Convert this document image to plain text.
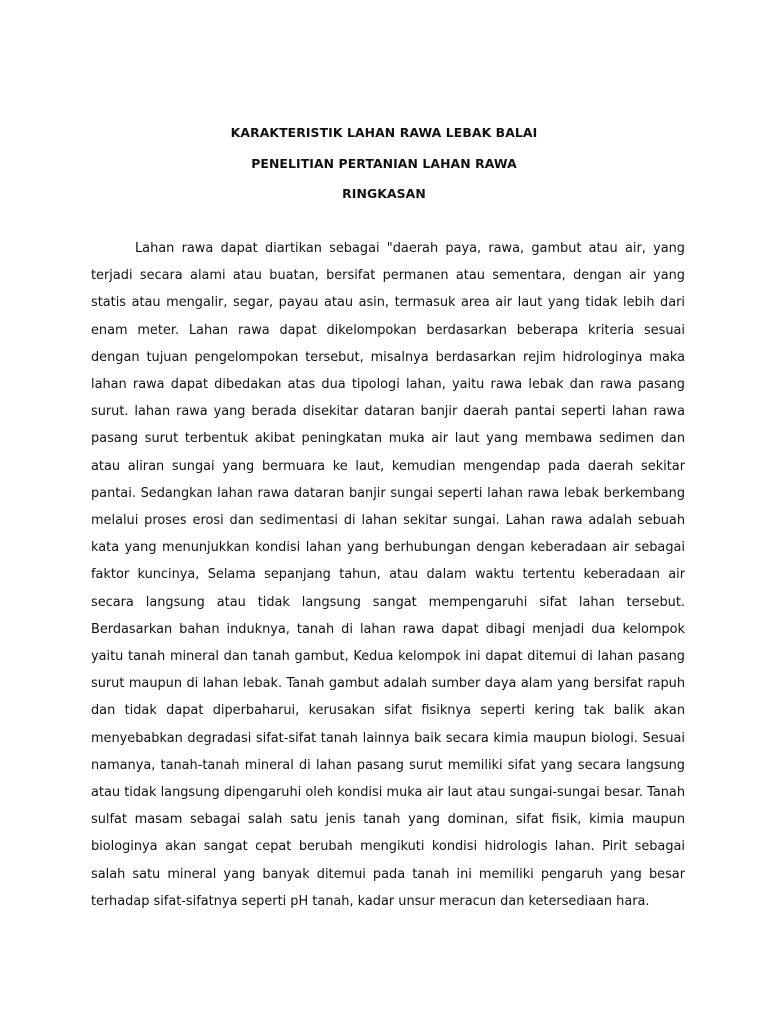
KARAKTERISTIK LAHAN RAWA LEBAK BALAI
PENELITIAN PERTANIAN LAHAN RAWA
RINGKASAN

Lahan rawa dapat diartikan sebagai "daerah paya, rawa, gambut atau air, yang terjadi secara alami atau buatan, bersifat permanen atau sementara, dengan air yang statis atau mengalir, segar, payau atau asin, termasuk area air laut yang tidak lebih dari enam meter. Lahan rawa dapat dikelompokan berdasarkan beberapa kriteria sesuai dengan tujuan pengelompokan tersebut, misalnya berdasarkan rejim hidrologinya maka lahan rawa dapat dibedakan atas dua tipologi lahan, yaitu rawa lebak dan rawa pasang surut. lahan rawa yang berada disekitar dataran banjir daerah pantai seperti lahan rawa pasang surut terbentuk akibat peningkatan muka air laut yang membawa sedimen dan atau aliran sungai yang bermuara ke laut, kemudian mengendap pada daerah sekitar pantai. Sedangkan lahan rawa dataran banjir sungai seperti lahan rawa lebak berkembang melalui proses erosi dan sedimentasi di lahan sekitar sungai. Lahan rawa adalah sebuah kata yang menunjukkan kondisi lahan yang berhubungan dengan keberadaan air sebagai faktor kuncinya, Selama sepanjang tahun, atau dalam waktu tertentu keberadaan air secara langsung atau tidak langsung sangat mempengaruhi sifat lahan tersebut. Berdasarkan bahan induknya, tanah di lahan rawa dapat dibagi menjadi dua kelompok yaitu tanah mineral dan tanah gambut, Kedua kelompok ini dapat ditemui di lahan pasang surut maupun di lahan lebak. Tanah gambut adalah sumber daya alam yang bersifat rapuh dan tidak dapat diperbaharui, kerusakan sifat fisiknya seperti kering tak balik akan menyebabkan degradasi sifat-sifat tanah lainnya baik secara kimia maupun biologi. Sesuai namanya, tanah-tanah mineral di lahan pasang surut memiliki sifat yang secara langsung atau tidak langsung dipengaruhi oleh kondisi muka air laut atau sungai-sungai besar. Tanah sulfat masam sebagai salah satu jenis tanah yang dominan, sifat fisik, kimia maupun biologinya akan sangat cepat berubah mengikuti kondisi hidrologis lahan. Pirit sebagai salah satu mineral yang banyak ditemui pada tanah ini memiliki pengaruh yang besar terhadap sifat-sifatnya seperti pH tanah, kadar unsur meracun dan ketersediaan hara.
